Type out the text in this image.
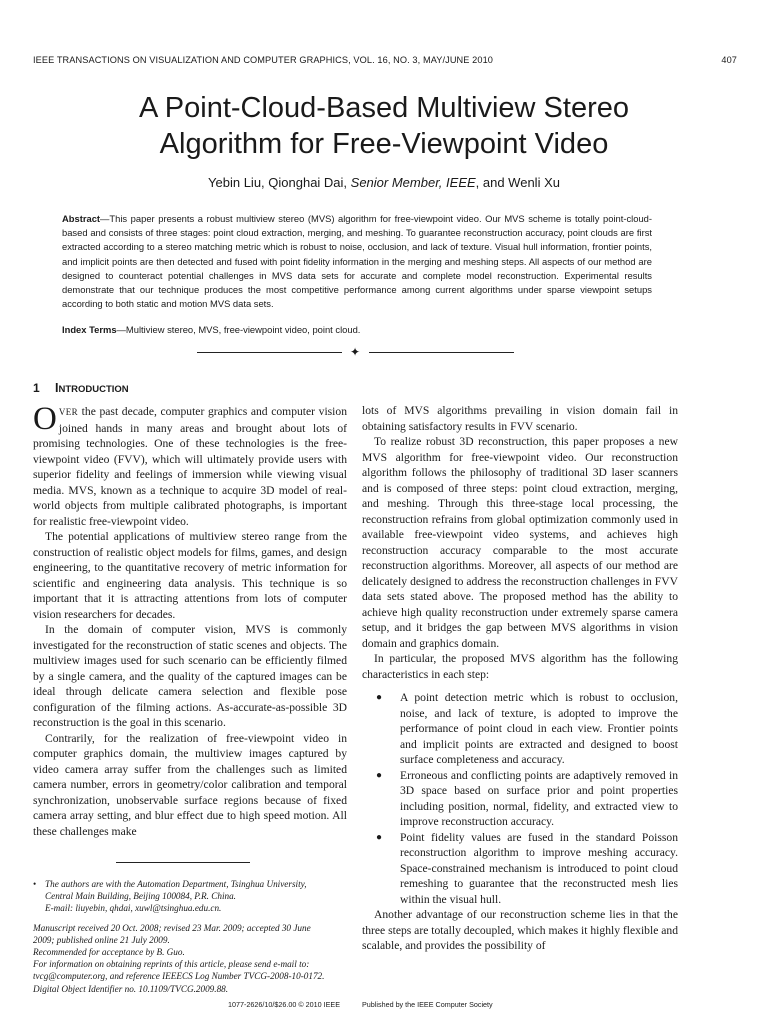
IEEE TRANSACTIONS ON VISUALIZATION AND COMPUTER GRAPHICS, VOL. 16, NO. 3, MAY/JUNE 2010	407
A Point-Cloud-Based Multiview Stereo
Algorithm for Free-Viewpoint Video
Yebin Liu, Qionghai Dai, Senior Member, IEEE, and Wenli Xu

Abstract—This paper presents a robust multiview stereo (MVS) algorithm for free-viewpoint video. Our MVS scheme is totally point-cloud-based and consists of three stages: point cloud extraction, merging, and meshing. To guarantee reconstruction accuracy, point clouds are first extracted according to a stereo matching metric which is robust to noise, occlusion, and lack of texture. Visual hull information, frontier points, and implicit points are then detected and fused with point fidelity information in the merging and meshing steps. All aspects of our method are designed to counteract potential challenges in MVS data sets for accurate and complete model reconstruction. Experimental results demonstrate that our technique produces the most competitive performance among current algorithms under sparse viewpoint setups according to both static and motion MVS data sets.

Index Terms—Multiview stereo, MVS, free-viewpoint video, point cloud.

✦
1 INTRODUCTION

OVER the past decade, computer graphics and computer vision joined hands in many areas and brought about lots of promising technologies. One of these technologies is the free-viewpoint video (FVV), which will ultimately provide users with superior fidelity and feelings of immersion while viewing visual media. MVS, known as a technique to acquire 3D model of real-world objects from multiple calibrated photographs, is important for realistic free-viewpoint video.

The potential applications of multiview stereo range from the construction of realistic object models for films, games, and design engineering, to the quantitative recovery of metric information for scientific and engineering data analysis. This technique is so important that it is attracting attentions from lots of computer vision researchers for decades.

In the domain of computer vision, MVS is commonly investigated for the reconstruction of static scenes and objects. The multiview images used for such scenario can be efficiently filmed by a single camera, and the quality of the captured images can be ideal through delicate camera selection and flexible pose configuration of the filming actions. As-accurate-as-possible 3D reconstruction is the goal in this scenario.

Contrarily, for the realization of free-viewpoint video in computer graphics domain, the multiview images captured by video camera array suffer from the challenges such as limited camera number, errors in geometry/color calibration and temporal synchronization, unobservable surface regions because of fixed camera array setting, and blur effect due to high speed motion. All these challenges make

lots of MVS algorithms prevailing in vision domain fail in obtaining satisfactory results in FVV scenario.

To realize robust 3D reconstruction, this paper proposes a new MVS algorithm for free-viewpoint video. Our reconstruction algorithm follows the philosophy of traditional 3D laser scanners and is composed of three steps: point cloud extraction, merging, and meshing. Through this three-stage local processing, the reconstruction refrains from global optimization commonly used in available free-viewpoint video systems, and achieves high reconstruction accuracy comparable to the most accurate reconstruction algorithms. Moreover, all aspects of our method are delicately designed to address the reconstruction challenges in FVV data sets stated above. The proposed method has the ability to achieve high quality reconstruction under extremely sparse camera setup, and it bridges the gap between MVS algorithms in vision domain and graphics domain.

In particular, the proposed MVS algorithm has the following characteristics in each step:

● A point detection metric which is robust to occlusion, noise, and lack of texture, is adopted to improve the performance of point cloud in each view. Frontier points and implicit points are extracted and designed to boost surface completeness and accuracy.
● Erroneous and conflicting points are adaptively removed in 3D space based on surface prior and point properties including position, normal, fidelity, and extracted view to improve reconstruction accuracy.
● Point fidelity values are fused in the standard Poisson reconstruction algorithm to improve meshing accuracy. Space-constrained mechanism is introduced to point cloud remeshing to guarantee that the reconstructed mesh lies within the visual hull.

Another advantage of our reconstruction scheme lies in that the three steps are totally decoupled, which makes it highly flexible and scalable, and provides the possibility of

• The authors are with the Automation Department, Tsinghua University,
Central Main Building, Beijing 100084, P.R. China.
E-mail: liuyebin, qhdai, xuwl@tsinghua.edu.cn.
Manuscript received 20 Oct. 2008; revised 23 Mar. 2009; accepted 30 June
2009; published online 21 July 2009.
Recommended for acceptance by B. Guo.
For information on obtaining reprints of this article, please send e-mail to:
tvcg@computer.org, and reference IEEECS Log Number TVCG-2008-10-0172.
Digital Object Identifier no. 10.1109/TVCG.2009.88.
1077-2626/10/$26.00 © 2010 IEEE	Published by the IEEE Computer Society
